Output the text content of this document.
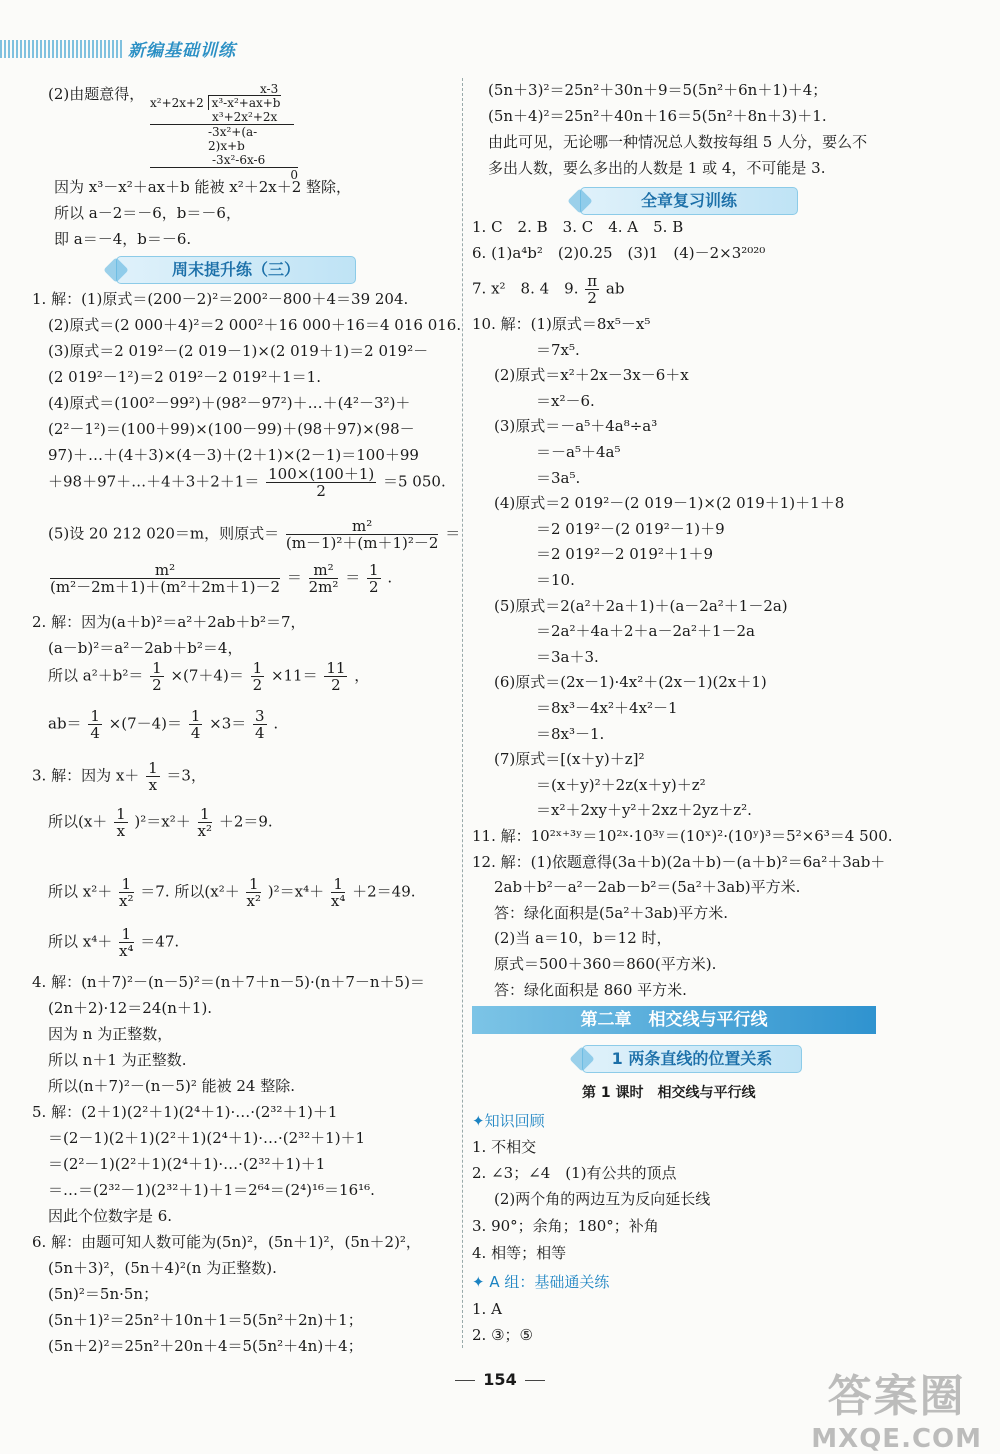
新编基础训练
(2)由题意得，	x-3
x²+2x+2 x³-x²+ax+b
x³+2x²+2x
-3x²+(a-2)x+b
-3x²-6x-6
0
因为 x³－x²＋ax＋b 能被 x²＋2x＋2 整除，
所以 a－2＝－6，b＝－6，
即 a＝－4，b＝－6.
周末提升练（三）
1. 解：(1)原式＝(200－2)²＝200²－800＋4＝39 204.
(2)原式＝(2 000＋4)²＝2 000²＋16 000＋16＝4 016 016.
(3)原式＝2 019²－(2 019－1)×(2 019＋1)＝2 019²－
(2 019²－1²)＝2 019²－2 019²＋1＝1.
(4)原式＝(100²－99²)＋(98²－97²)＋…＋(4²－3²)＋
(2²－1²)＝(100＋99)×(100－99)＋(98＋97)×(98－
97)＋…＋(4＋3)×(4－3)＋(2＋1)×(2－1)＝100＋99
＋98＋97＋…＋4＋3＋2＋1＝ $\frac{100\times(100+1)}{2} =5$ 050.
(5)设 20 212 020＝m，则原式＝ $\frac{\text{m²}}{\text{(m－1)²＋(m＋1)²－2}}$ ＝
$\frac{\text{m²}}{\text{(m²－2m＋1)＋(m²＋2m＋1)－2}} = \frac{\text{m²}}{\text{2m²}} = \frac{1}{2}$ .
2. 解：因为(a＋b)²＝a²＋2ab＋b²＝7，
(a－b)²＝a²－2ab＋b²＝4，
所以 $a^2+b^2= \frac{1}{2} \times(7+4)= \frac{1}{2} \times 11= \frac{11}{2}$ ，
$ab= \frac{1}{4} \times(7-4)= \frac{1}{4} \times 3= \frac{3}{4}$ .
3. 解：因为 $x+ \frac{1}{x} =3$，
所以$(x+ \frac{1}{x} )^2=x^2+ \frac{1}{\text{x²}} +2=9$.
所以 $x^2+ \frac{1}{\text{x²}} =7$. 所以$(x^2+ \frac{1}{\text{x²}} )^2=x^4+ \frac{1}{\text{x⁴}} +2=49$.
所以 $x^4+ \frac{1}{\text{x⁴}} =47$.
4. 解：(n＋7)²－(n－5)²＝(n＋7＋n－5)·(n＋7－n＋5)＝
(2n＋2)·12＝24(n＋1).
因为 n 为正整数，
所以 n＋1 为正整数.
所以(n＋7)²－(n－5)² 能被 24 整除.
5. 解：(2＋1)(2²＋1)(2⁴＋1)·…·(2³²＋1)＋1
＝(2－1)(2＋1)(2²＋1)(2⁴＋1)·…·(2³²＋1)＋1
＝(2²－1)(2²＋1)(2⁴＋1)·…·(2³²＋1)＋1
＝…＝(2³²－1)(2³²＋1)＋1＝2⁶⁴＝(2⁴)¹⁶＝16¹⁶.
因此个位数字是 6.
6. 解：由题可知人数可能为(5n)²，(5n＋1)²，(5n＋2)²，
(5n＋3)²，(5n＋4)²(n 为正整数).
(5n)²＝5n·5n；
(5n＋1)²＝25n²＋10n＋1＝5(5n²＋2n)＋1；
(5n＋2)²＝25n²＋20n＋4＝5(5n²＋4n)＋4；
(5n＋3)²＝25n²＋30n＋9＝5(5n²＋6n＋1)＋4；
(5n＋4)²＝25n²＋40n＋16＝5(5n²＋8n＋3)＋1.
由此可见，无论哪一种情况总人数按每组 5 人分，要么不
多出人数，要么多出的人数是 1 或 4，不可能是 3.
全章复习训练
1. C　2. B　3. C　4. A　5. B
6. (1)a⁴b²　(2)0.25　(3)1　(4)－2×3²⁰²⁰
7. x²　8. 4　9. $\frac{\pi}{2}$ ab
10. 解：(1)原式＝8x⁵－x⁵
＝7x⁵.
(2)原式＝x²＋2x－3x－6＋x
＝x²－6.
(3)原式＝－a⁵＋4a⁸÷a³
＝－a⁵＋4a⁵
＝3a⁵.
(4)原式＝2 019²－(2 019－1)×(2 019＋1)＋1＋8
＝2 019²－(2 019²－1)＋9
＝2 019²－2 019²＋1＋9
＝10.
(5)原式＝2(a²＋2a＋1)＋(a－2a²＋1－2a)
＝2a²＋4a＋2＋a－2a²＋1－2a
＝3a＋3.
(6)原式＝(2x－1)·4x²＋(2x－1)(2x＋1)
＝8x³－4x²＋4x²－1
＝8x³－1.
(7)原式＝[(x＋y)＋z]²
＝(x＋y)²＋2z(x＋y)＋z²
＝x²＋2xy＋y²＋2xz＋2yz＋z².
11. 解：10²ˣ⁺³ʸ＝10²ˣ·10³ʸ＝(10ˣ)²·(10ʸ)³＝5²×6³＝4 500.
12. 解：(1)依题意得(3a＋b)(2a＋b)－(a＋b)²＝6a²＋3ab＋
2ab＋b²－a²－2ab－b²＝(5a²＋3ab)平方米.
答：绿化面积是(5a²＋3ab)平方米.
(2)当 a＝10，b＝12 时，
原式＝500＋360＝860(平方米).
答：绿化面积是 860 平方米.
第二章　相交线与平行线
1 两条直线的位置关系
第 1 课时　相交线与平行线
✦知识回顾
1. 不相交
2. ∠3；∠4　(1)有公共的顶点
(2)两个角的两边互为反向延长线
3. 90°；余角；180°；补角
4. 相等；相等
✦ A 组：基础通关练
1. A
2. ③；⑤
154	答案圈
MXQE.COM
